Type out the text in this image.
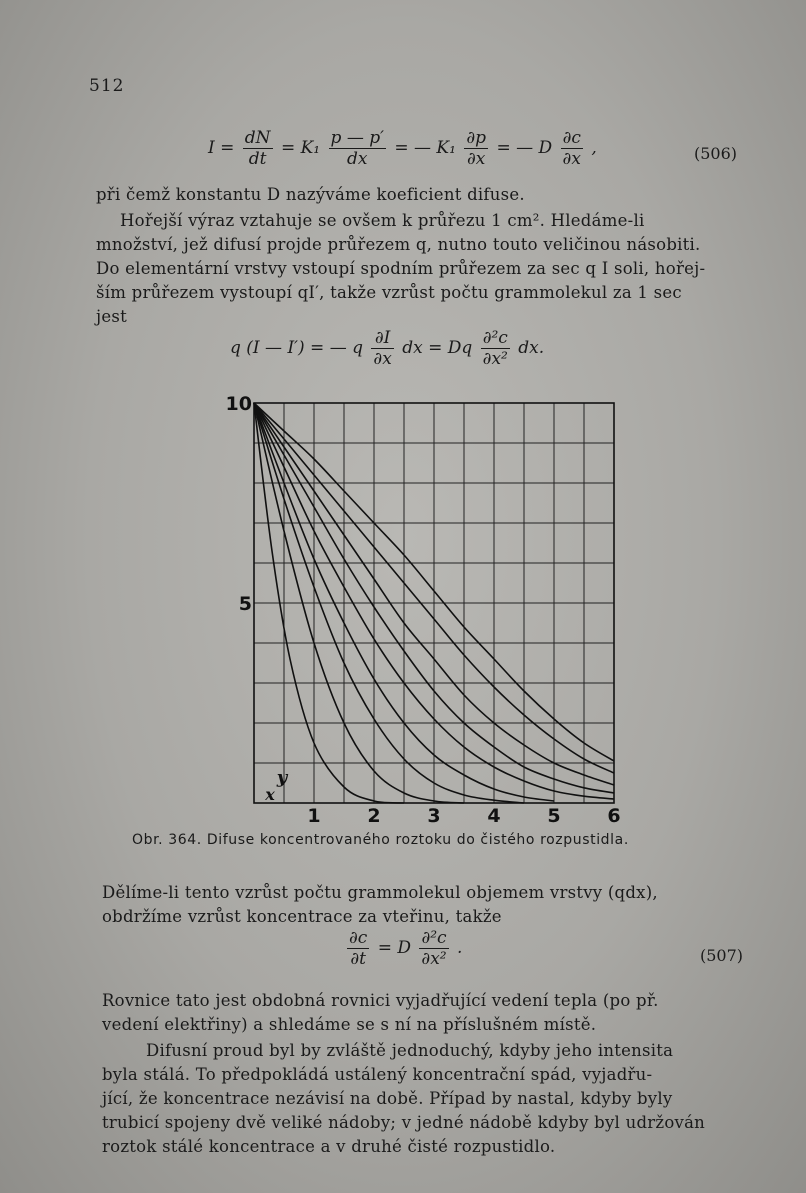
512
$I = \frac{dN}{dt} = K_1 \frac{p — p'}{dx}$ = — $K_1 \frac{\partial p}{\partial x}$ = — D $\frac{\partial c}{\partial x}$ ,	(506)
při čemž konstantu D nazýváme koeficient difuse.
Hořejší výraz vztahuje se ovšem k průřezu 1 cm². Hledáme-li
množství, jež difusí projde průřezem q, nutno touto veličinou násobiti.
Do elementární vrstvy vstoupí spodním průřezem za sec q I soli, hořej-
ším průřezem vystoupí qI′, takže vzrůst počtu grammolekul za 1 sec
jest
q (I — I′) = — q $\frac{\partial I}{\partial x}$ dx = Dq $\frac{\text{∂²c}}{\text{∂x²}}$ dx.
1 2 3 4 5 6
5
10
y
x
Obr. 364. Difuse koncentrovaného roztoku do čistého rozpustidla.
Dělíme-li tento vzrůst počtu grammolekul objemem vrstvy (qdx),
obdržíme vzrůst koncentrace za vteřinu, takže
$\frac{\partial c}{\partial t} = D \frac{\text{∂²c}}{\text{∂x²}}$ .	(507)
Rovnice tato jest obdobná rovnici vyjadřující vedení tepla (po př.
vedení elektřiny) a shledáme se s ní na příslušném místě.
Difusní proud byl by zvláště jednoduchý, kdyby jeho intensita
byla stálá. To předpokládá ustálený koncentrační spád, vyjadřu-
jící, že koncentrace nezávisí na době. Případ by nastal, kdyby byly
trubicí spojeny dvě veliké nádoby; v jedné nádobě kdyby byl udržován
roztok stálé koncentrace a v druhé čisté rozpustidlo.
